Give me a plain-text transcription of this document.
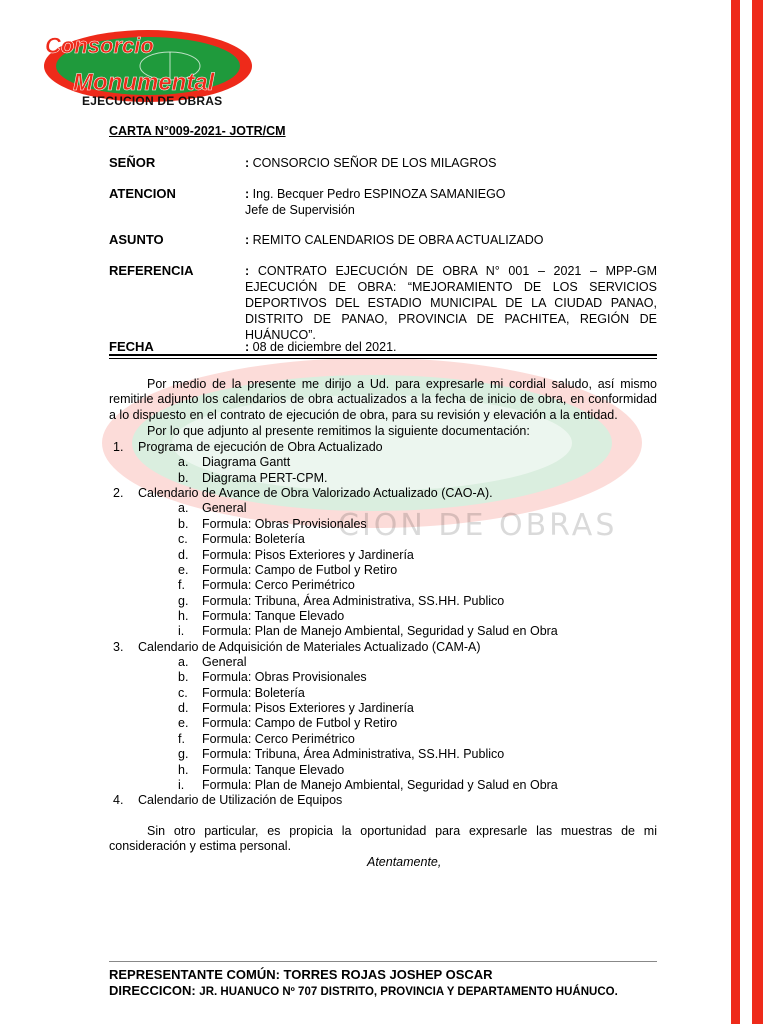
CION DE OBRAS
Consorcio
Monumental
EJECUCION DE OBRAS
CARTA N°009-2021- JOTR/CM
SEÑOR	: CONSORCIO SEÑOR DE LOS MILAGROS
ATENCION	: Ing. Becquer Pedro ESPINOZA SAMANIEGO
Jefe de Supervisión
ASUNTO	: REMITO CALENDARIOS DE OBRA ACTUALIZADO
REFERENCIA	: CONTRATO EJECUCIÓN DE OBRA N° 001 – 2021 – MPP-GM
EJECUCIÓN DE OBRA: “MEJORAMIENTO DE LOS SERVICIOS
DEPORTIVOS DEL ESTADIO MUNICIPAL DE LA CIUDAD PANAO,
DISTRITO DE PANAO, PROVINCIA DE PACHITEA, REGIÓN DE HUÁNUCO”.
FECHA	: 08 de diciembre del 2021.
Por medio de la presente me dirijo a Ud. para expresarle mi cordial saludo, así mismo remitirle adjunto los calendarios de obra actualizados a la fecha de inicio de obra, en conformidad a lo dispuesto en el contrato de ejecución de obra, para su revisión y elevación a la entidad.
Por lo que adjunto al presente remitimos la siguiente documentación:
1. Programa de ejecución de Obra Actualizado
a. Diagrama Gantt
b. Diagrama PERT-CPM.
2. Calendario de Avance de Obra Valorizado Actualizado (CAO-A).
a. General
b. Formula: Obras Provisionales
c. Formula: Boletería
d. Formula: Pisos Exteriores y Jardinería
e. Formula: Campo de Futbol y Retiro
f. Formula: Cerco Perimétrico
g. Formula: Tribuna, Área Administrativa, SS.HH. Publico
h. Formula: Tanque Elevado
i. Formula: Plan de Manejo Ambiental, Seguridad y Salud en Obra
3. Calendario de Adquisición de Materiales Actualizado (CAM-A)
a. General
b. Formula: Obras Provisionales
c. Formula: Boletería
d. Formula: Pisos Exteriores y Jardinería
e. Formula: Campo de Futbol y Retiro
f. Formula: Cerco Perimétrico
g. Formula: Tribuna, Área Administrativa, SS.HH. Publico
h. Formula: Tanque Elevado
i. Formula: Plan de Manejo Ambiental, Seguridad y Salud en Obra
4. Calendario de Utilización de Equipos
Sin otro particular, es propicia la oportunidad para expresarle las muestras de mi consideración y estima personal.
Atentamente,
REPRESENTANTE COMÚN: TORRES ROJAS JOSHEP OSCAR
DIRECCICON: JR. HUANUCO Nº 707 DISTRITO, PROVINCIA Y DEPARTAMENTO HUÁNUCO.
